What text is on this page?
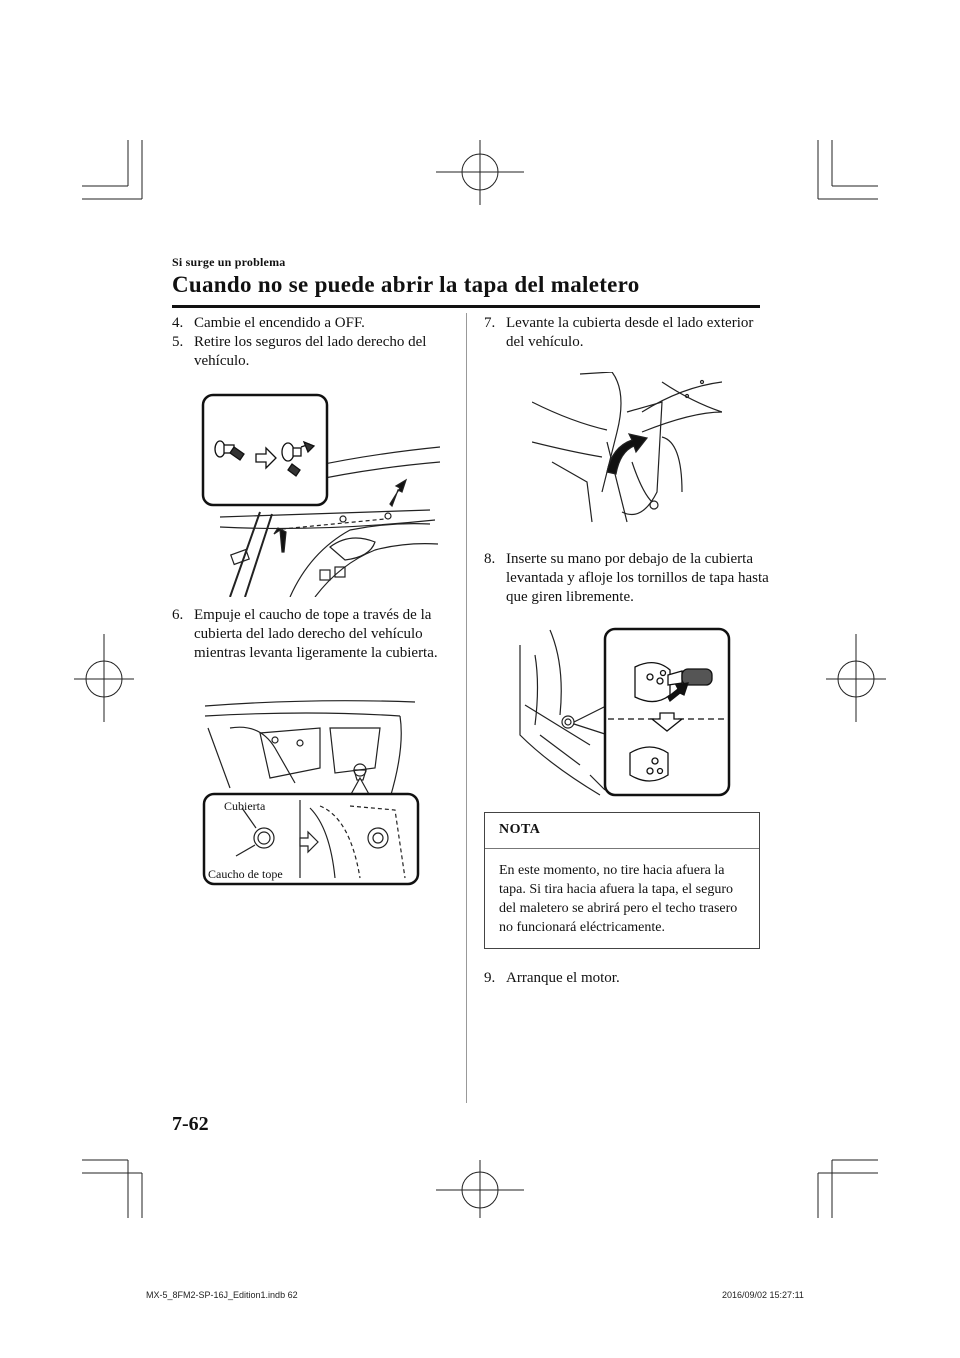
Si surge un problema
Cuando no se puede abrir la tapa del maletero
4. Cambie el encendido a OFF.
5. Retire los seguros del lado derecho del vehículo.
6. Empuje el caucho de tope a través de la cubierta del lado derecho del vehículo mientras levanta ligeramente la cubierta.
Cubierta
Caucho de tope
7. Levante la cubierta desde el lado exterior del vehículo.
8. Inserte su mano por debajo de la cubierta levantada y afloje los tornillos de tapa hasta que giren libremente.
NOTA
En este momento, no tire hacia afuera la tapa. Si tira hacia afuera la tapa, el seguro del maletero se abrirá pero el techo trasero no funcionará eléctricamente.
9. Arranque el motor.
7-62
MX-5_8FM2-SP-16J_Edition1.indb 62	2016/09/02 15:27:11
